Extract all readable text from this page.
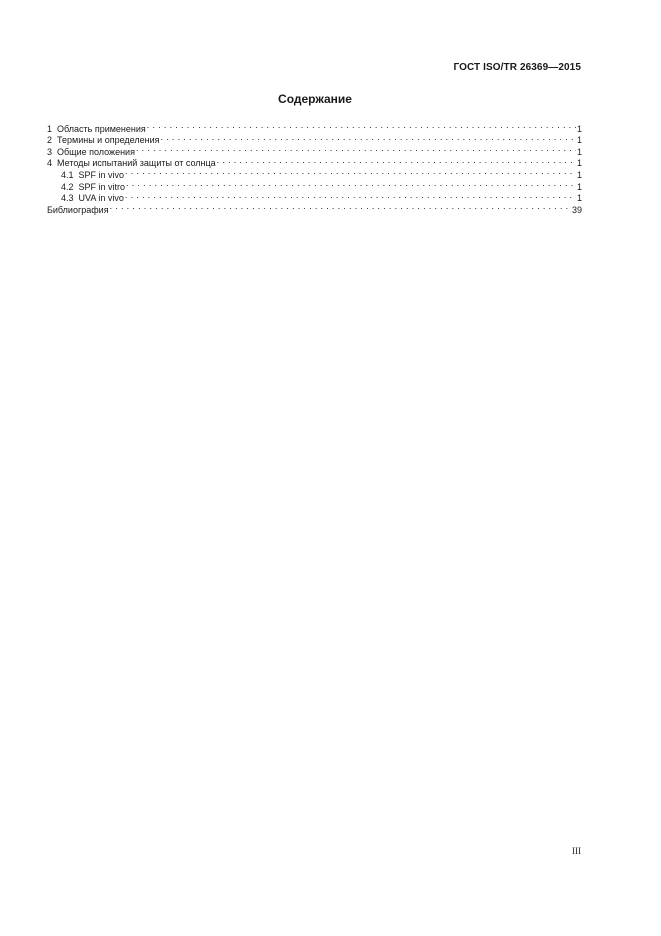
ГОСТ ISO/TR 26369—2015
Содержание
1 Область применения . . .	1
2 Термины и определения . . .	1
3 Общие положения . . .	1
4 Методы испытаний защиты от солнца . . .	1
4.1 SPF in vivo . . .	1
4.2 SPF in vitro . . .	1
4.3 UVA in vivo . . .	1
Библиография . . .	39
III
